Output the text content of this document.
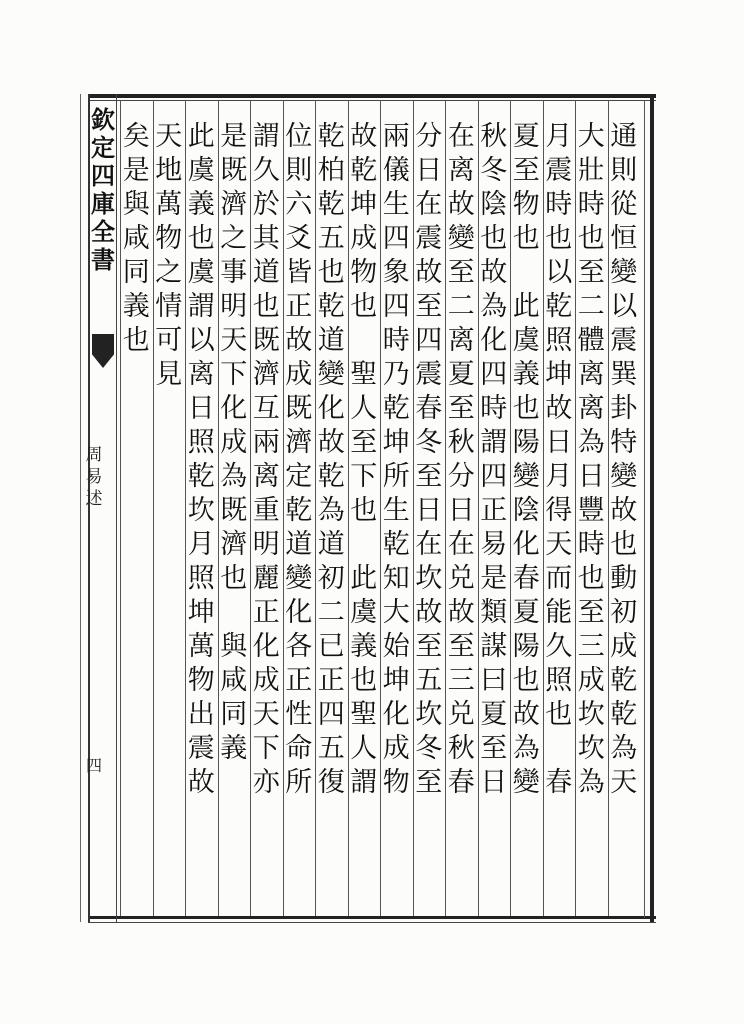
欽
定
四
庫
全
書
周
易
述
四
通
則
從
恒
變
以
震
巽
卦
特
變
故
也
動
初
成
乾
乾
為
天
大
壯
時
也
至
二
體
离
离
為
日
豐
時
也
至
三
成
坎
坎
為
月
震
時
也
以
乾
照
坤
故
日
月
得
天
而
能
久
照
也

春
夏
至
物
也

此
虞
義
也
陽
變
陰
化
春
夏
陽
也
故
為
變
秋
冬
陰
也
故
為
化
四
時
謂
四
正
易
是
類
謀
曰
夏
至
日
在
离
故
變
至
二
离
夏
至
秋
分
日
在
兑
故
至
三
兑
秋
春
分
日
在
震
故
至
四
震
春
冬
至
日
在
坎
故
至
五
坎
冬
至
兩
儀
生
四
象
四
時
乃
乾
坤
所
生
乾
知
大
始
坤
化
成
物
故
乾
坤
成
物
也

聖
人
至
下
也

此
虞
義
也
聖
人
謂
乾
柏
乾
五
也
乾
道
變
化
故
乾
為
道
初
二
已
正
四
五
復
位
則
六
爻
皆
正
故
成
既
濟
定
乾
道
變
化
各
正
性
命
所
謂
久
於
其
道
也
既
濟
互
兩
离
重
明
麗
正
化
成
天
下
亦
是
既
濟
之
事
明
天
下
化
成
為
既
濟
也

與
咸
同
義
此
虞
義
也
虞
謂
以
离
日
照
乾
坎
月
照
坤
萬
物
出
震
故
天
地
萬
物
之
情
可
見
矣
是
與
咸
同
義
也
